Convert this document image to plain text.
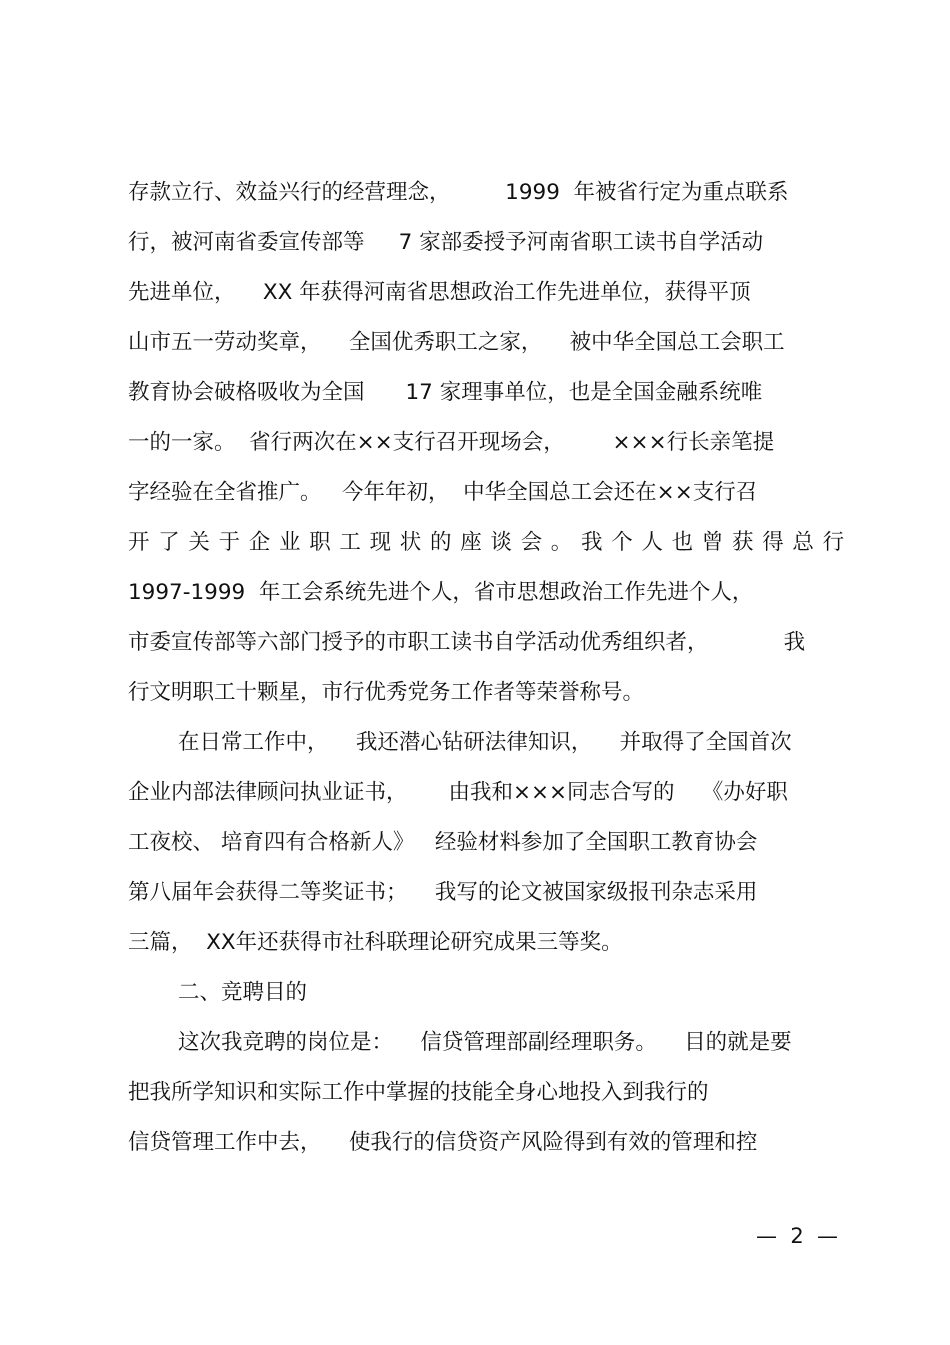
存款立行、效益兴行的经营理念，        1999  年被省行定为重点联系
行，被河南省委宣传部等     7 家部委授予河南省职工读书自学活动
先进单位，    XX 年获得河南省思想政治工作先进单位，获得平顶
山市五一劳动奖章，    全国优秀职工之家，    被中华全国总工会职工
教育协会破格吸收为全国      17 家理事单位，也是全国金融系统唯
一的一家。  省行两次在××支行召开现场会，       ×××行长亲笔提
字经验在全省推广。   今年年初，  中华全国总工会还在××支行召
开了关于企业职工现状的座谈会。我个人也曾获得总行
1997-1999  年工会系统先进个人，省市思想政治工作先进个人，
市委宣传部等六部门授予的市职工读书自学活动优秀组织者，           我
行文明职工十颗星，市行优秀党务工作者等荣誉称号。
在日常工作中，    我还潜心钻研法律知识，    并取得了全国首次
企业内部法律顾问执业证书，      由我和×××同志合写的    《办好职
工夜校、 培育四有合格新人》   经验材料参加了全国职工教育协会
第八届年会获得二等奖证书；    我写的论文被国家级报刊杂志采用
三篇，  XX年还获得市社科联理论研究成果三等奖。
二、竞聘目的
这次我竞聘的岗位是：    信贷管理部副经理职务。    目的就是要
把我所学知识和实际工作中掌握的技能全身心地投入到我行的
信贷管理工作中去，    使我行的信贷资产风险得到有效的管理和控
—  2  —
